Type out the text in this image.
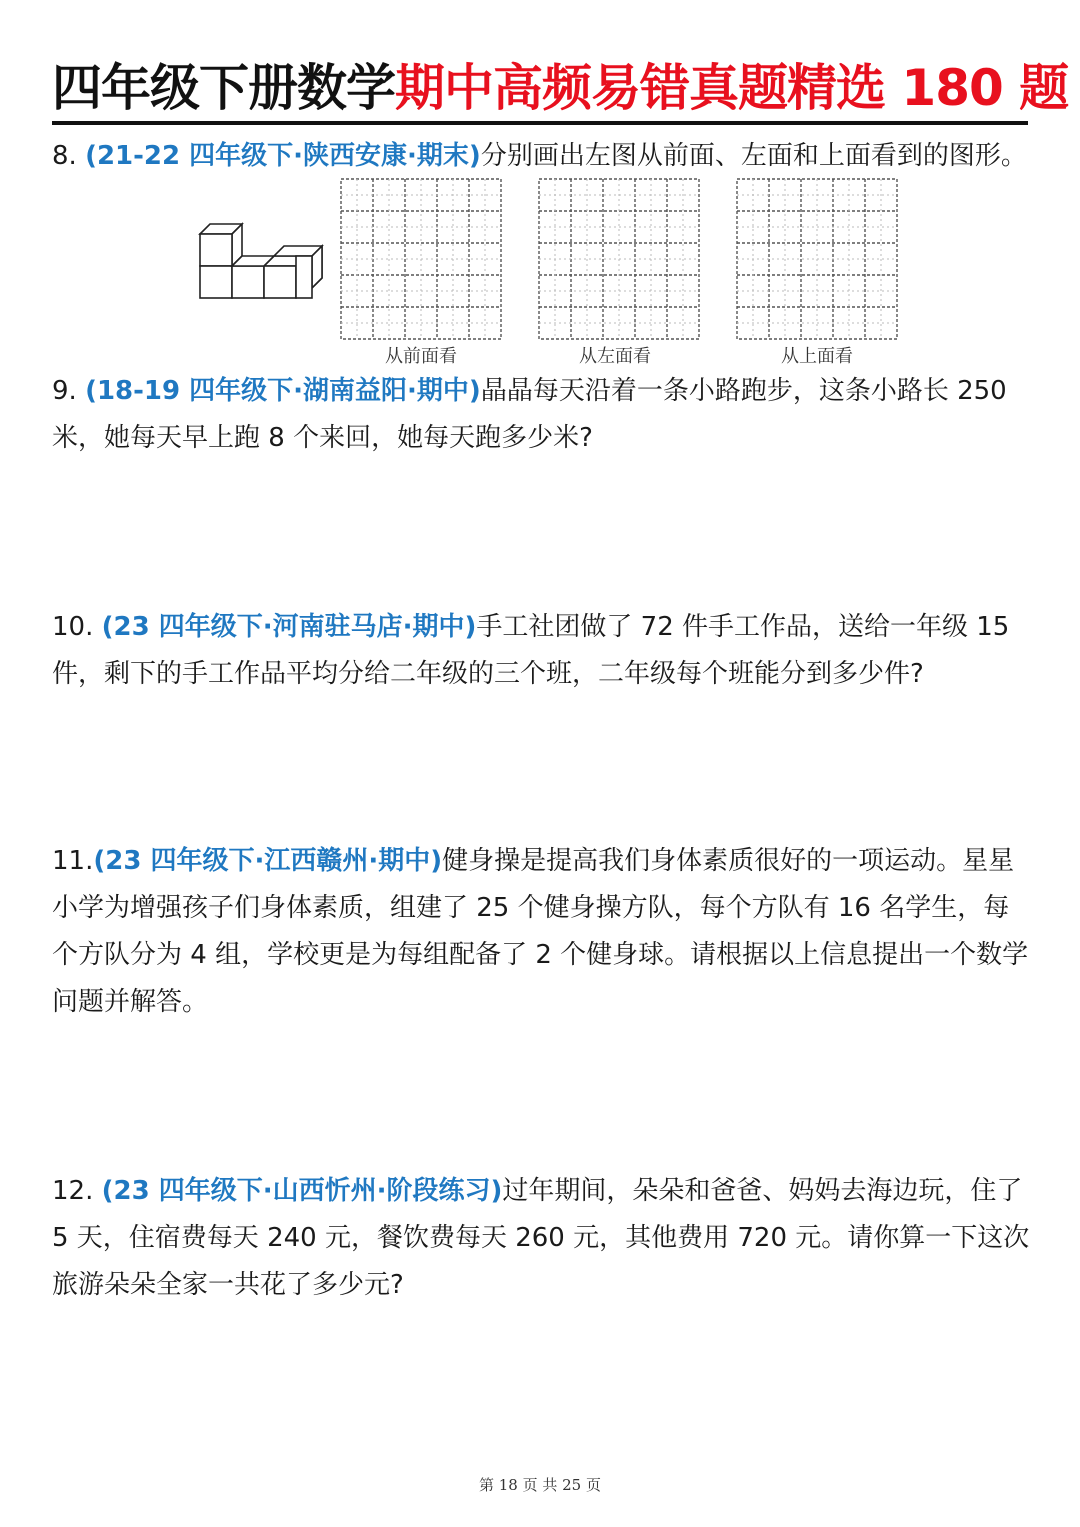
四年级下册数学期中高频易错真题精选 180 题
8. (21-22 四年级下·陕西安康·期末)分别画出左图从前面、左面和上面看到的图形。
从前面看	从左面看	从上面看
9. (18-19 四年级下·湖南益阳·期中)晶晶每天沿着一条小路跑步，这条小路长 250 米，她每天早上跑 8 个来回，她每天跑多少米?
10. (23 四年级下·河南驻马店·期中)手工社团做了 72 件手工作品，送给一年级 15 件，剩下的手工作品平均分给二年级的三个班，二年级每个班能分到多少件?
11.(23 四年级下·江西赣州·期中)健身操是提高我们身体素质很好的一项运动。星星小学为增强孩子们身体素质，组建了 25 个健身操方队，每个方队有 16 名学生，每个方队分为 4 组，学校更是为每组配备了 2 个健身球。请根据以上信息提出一个数学问题并解答。
12. (23 四年级下·山西忻州·阶段练习)过年期间，朵朵和爸爸、妈妈去海边玩，住了 5 天，住宿费每天 240 元，餐饮费每天 260 元，其他费用 720 元。请你算一下这次旅游朵朵全家一共花了多少元?
第 18 页 共 25 页
